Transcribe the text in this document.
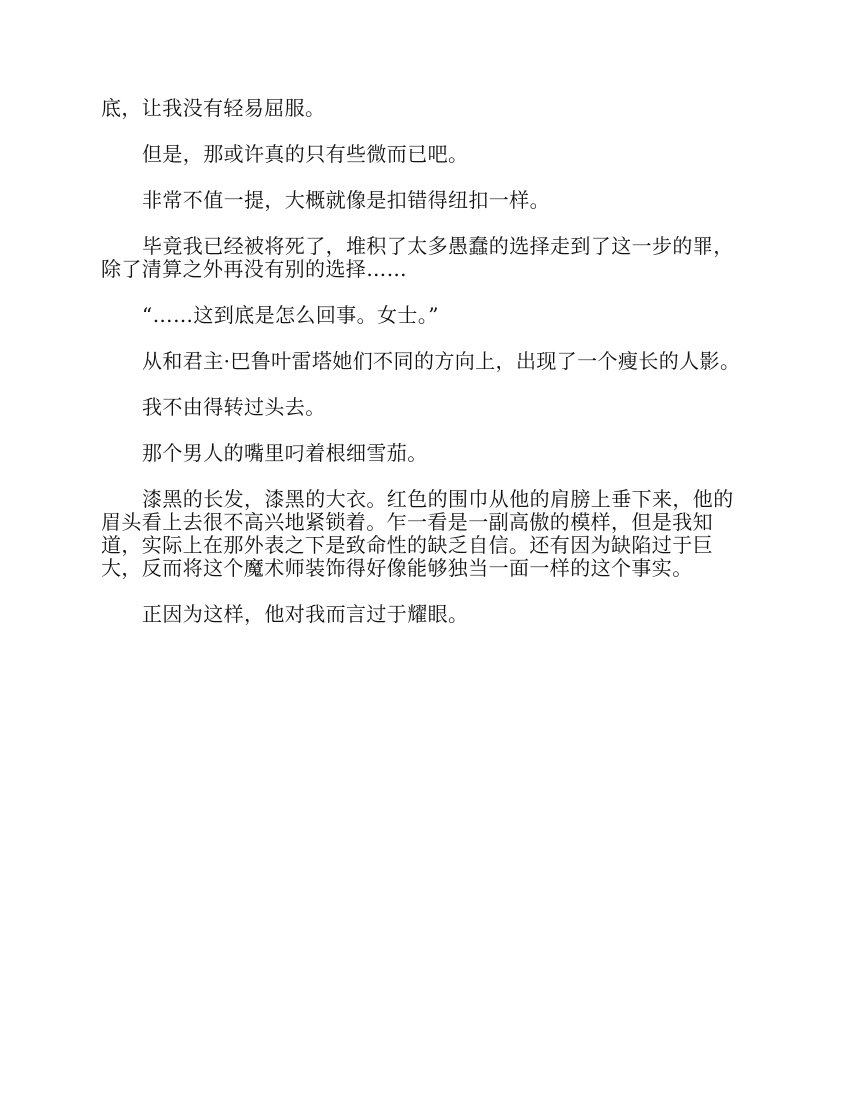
底，让我没有轻易屈服。

但是，那或许真的只有些微而已吧。

非常不值一提，大概就像是扣错得纽扣一样。

毕竟我已经被将死了，堆积了太多愚蠢的选择走到了这一步的罪，除了清算之外再没有别的选择……

“……这到底是怎么回事。女士。”

从和君主·巴鲁叶雷塔她们不同的方向上，出现了一个瘦长的人影。

我不由得转过头去。

那个男人的嘴里叼着根细雪茄。

漆黑的长发，漆黑的大衣。红色的围巾从他的肩膀上垂下来，他的眉头看上去很不高兴地紧锁着。乍一看是一副高傲的模样，但是我知道，实际上在那外表之下是致命性的缺乏自信。还有因为缺陷过于巨大，反而将这个魔术师装饰得好像能够独当一面一样的这个事实。

正因为这样，他对我而言过于耀眼。
